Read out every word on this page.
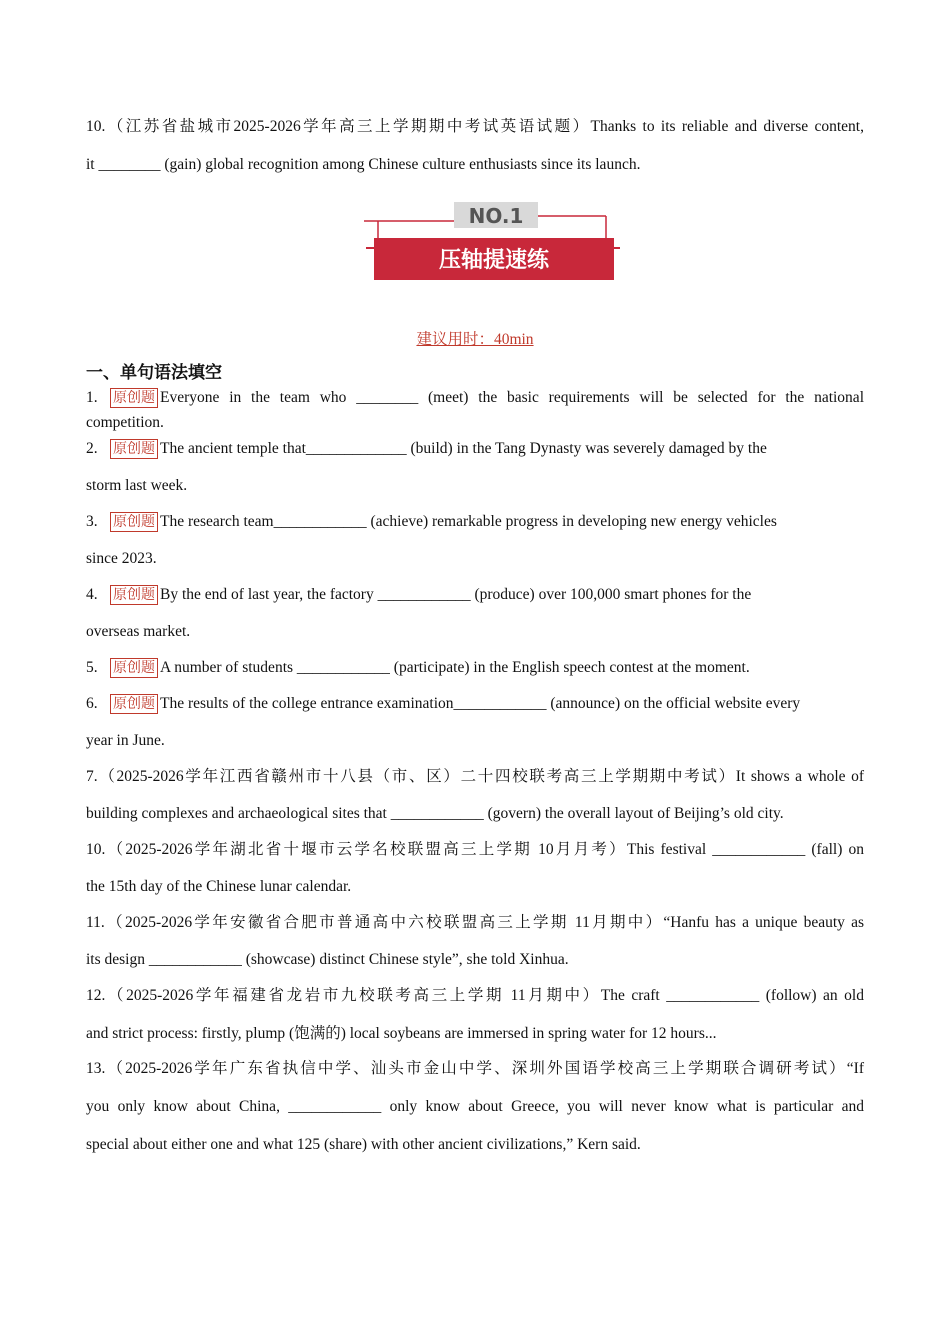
10.（江苏省盐城市2025-2026学年高三上学期期中考试英语试题）Thanks to its reliable and diverse content,
it ________ (gain) global recognition among Chinese culture enthusiasts since its launch.
建议用时：40min
一、单句语法填空
1. 原创题 Everyone in the team who ________ (meet) the basic requirements will be selected for the national
competition.
2. 原创题 The ancient temple that_____________ (build) in the Tang Dynasty was severely damaged by the
storm last week.
3. 原创题 The research team____________ (achieve) remarkable progress in developing new energy vehicles
since 2023.
4. 原创题 By the end of last year, the factory ____________ (produce) over 100,000 smart phones for the
overseas market.
5. 原创题 A number of students ____________ (participate) in the English speech contest at the moment.
6. 原创题 The results of the college entrance examination____________ (announce) on the official website every
year in June.
7.（2025-2026学年江西省赣州市十八县（市、区）二十四校联考高三上学期期中考试）It shows a whole of
building complexes and archaeological sites that ____________ (govern) the overall layout of Beijing’s old city.
10.（2025-2026学年湖北省十堰市云学名校联盟高三上学期 10月月考）This festival ____________ (fall) on
the 15th day of the Chinese lunar calendar.
11.（2025-2026学年安徽省合肥市普通高中六校联盟高三上学期 11月期中）“Hanfu has a unique beauty as
its design ____________ (showcase) distinct Chinese style”, she told Xinhua.
12.（2025-2026学年福建省龙岩市九校联考高三上学期 11月期中）The craft ____________ (follow) an old
and strict process: firstly, plump (饱满的) local soybeans are immersed in spring water for 12 hours...
13.（2025-2026学年广东省执信中学、汕头市金山中学、深圳外国语学校高三上学期联合调研考试）“If
you only know about China, ____________ only know about Greece, you will never know what is particular and
special about either one and what 125 (share) with other ancient civilizations,” Kern said.
NO.1
压轴提速练
